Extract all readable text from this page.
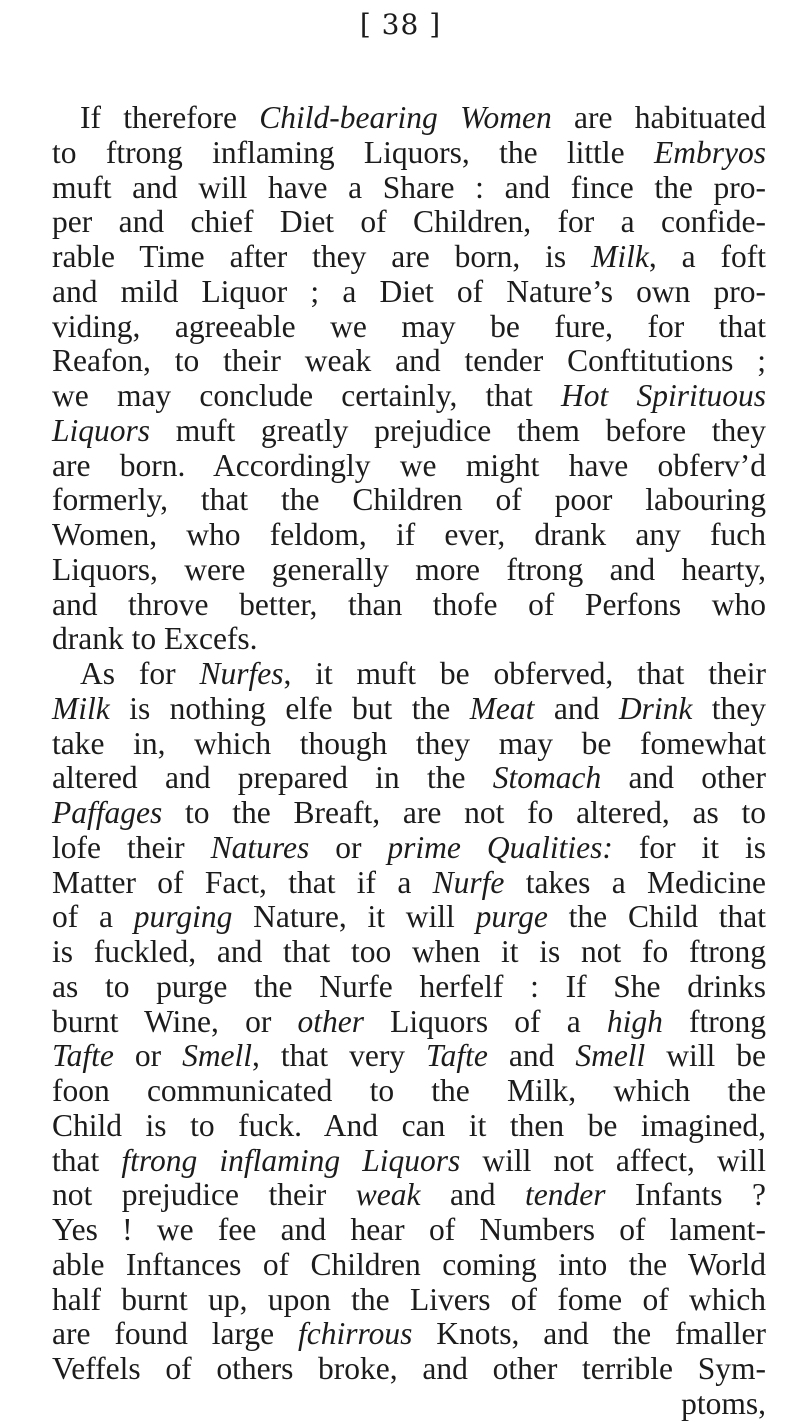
[ 38 ]
If therefore Child-bearing Women are habituated
to ftrong inflaming Liquors, the little Embryos
muft and will have a Share : and fince the pro-
per and chief Diet of Children, for a confide-
rable Time after they are born, is Milk, a foft
and mild Liquor ; a Diet of Nature’s own pro-
viding, agreeable we may be fure, for that
Reafon, to their weak and tender Conftitutions ;
we may conclude certainly, that Hot Spirituous
Liquors muft greatly prejudice them before they
are born. Accordingly we might have obferv’d
formerly, that the Children of poor labouring
Women, who feldom, if ever, drank any fuch
Liquors, were generally more ftrong and hearty,
and throve better, than thofe of Perfons who
drank to Excefs.
As for Nurfes, it muft be obferved, that their
Milk is nothing elfe but the Meat and Drink they
take in, which though they may be fomewhat
altered and prepared in the Stomach and other
Paffages to the Breaft, are not fo altered, as to
lofe their Natures or prime Qualities: for it is
Matter of Fact, that if a Nurfe takes a Medicine
of a purging Nature, it will purge the Child that
is fuckled, and that too when it is not fo ftrong
as to purge the Nurfe herfelf : If She drinks
burnt Wine, or other Liquors of a high ftrong
Tafte or Smell, that very Tafte and Smell will be
foon communicated to the Milk, which the
Child is to fuck. And can it then be imagined,
that ftrong inflaming Liquors will not affect, will
not prejudice their weak and tender Infants ?
Yes ! we fee and hear of Numbers of lament-
able Inftances of Children coming into the World
half burnt up, upon the Livers of fome of which
are found large fchirrous Knots, and the fmaller
Veffels of others broke, and other terrible Sym-
ptoms,
